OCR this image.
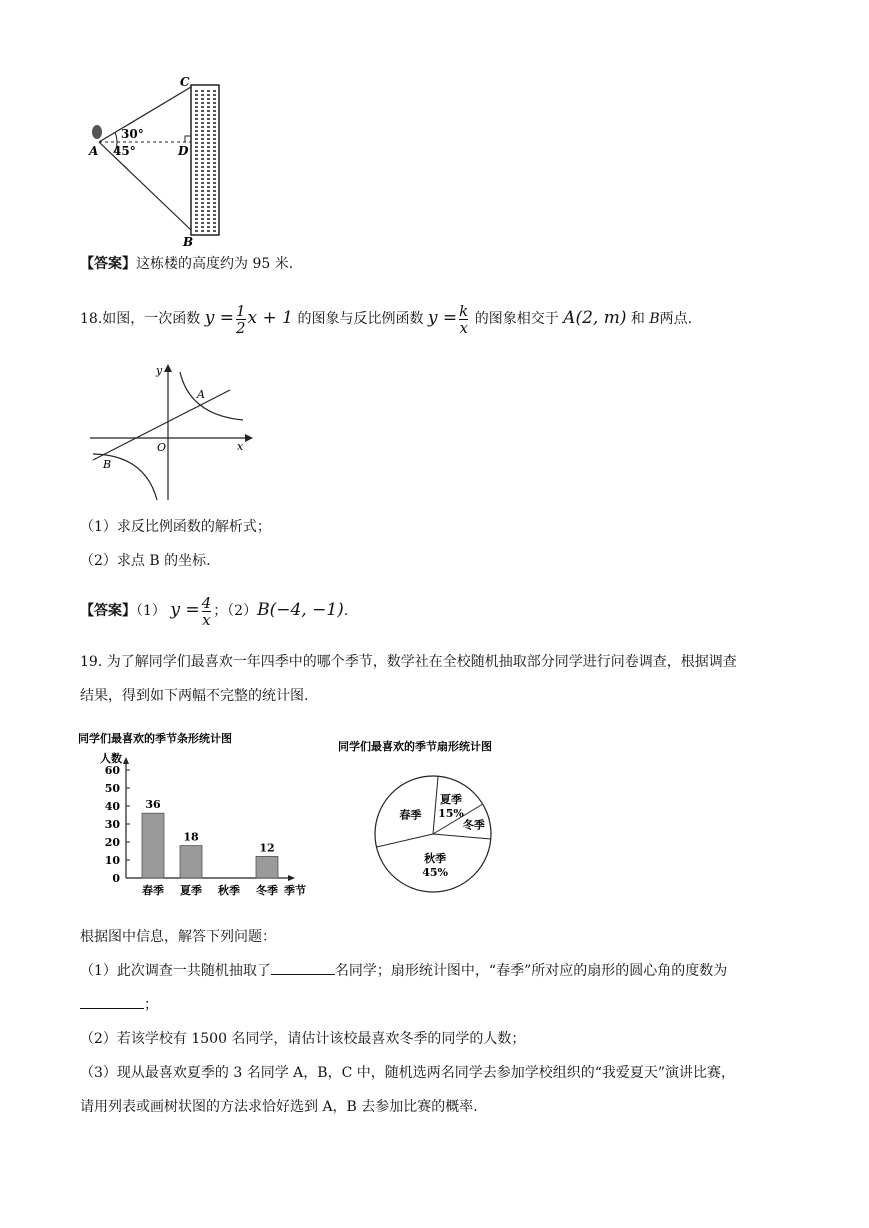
C
A	D
B
30°
45°
【答案】这栋楼的高度约为 95 米.
18.如图，一次函数 $y = \frac{1}{2}$ x + 1 的图象与反比例函数 $y = \frac{k}{x}$ 的图象相交于 A(2, m) 和 B两点.
y
x
O
A
B
（1）求反比例函数的解析式；
（2）求点 B 的坐标.
【答案】（1） $y = \frac{4}{x}$ ；（2）B(−4, −1).
19. 为了解同学们最喜欢一年四季中的哪个季节，数学社在全校随机抽取部分同学进行问卷调查，根据调查
结果，得到如下两幅不完整的统计图.
同学们最喜欢的季节条形统计图
人数
季节
0
10
20
30
40
50
60
36
春季
18
夏季 秋季
12
冬季
同学们最喜欢的季节扇形统计图
春季
夏季
15%
冬季
秋季
45%
根据图中信息，解答下列问题：
（1）此次调查一共随机抽取了	名同学；扇形统计图中，“春季”所对应的扇形的圆心角的度数为
；
（2）若该学校有 1500 名同学，请估计该校最喜欢冬季的同学的人数；
（3）现从最喜欢夏季的 3 名同学 A，B，C 中，随机选两名同学去参加学校组织的“我爱夏天”演讲比赛，
请用列表或画树状图的方法求恰好选到 A，B 去参加比赛的概率.
